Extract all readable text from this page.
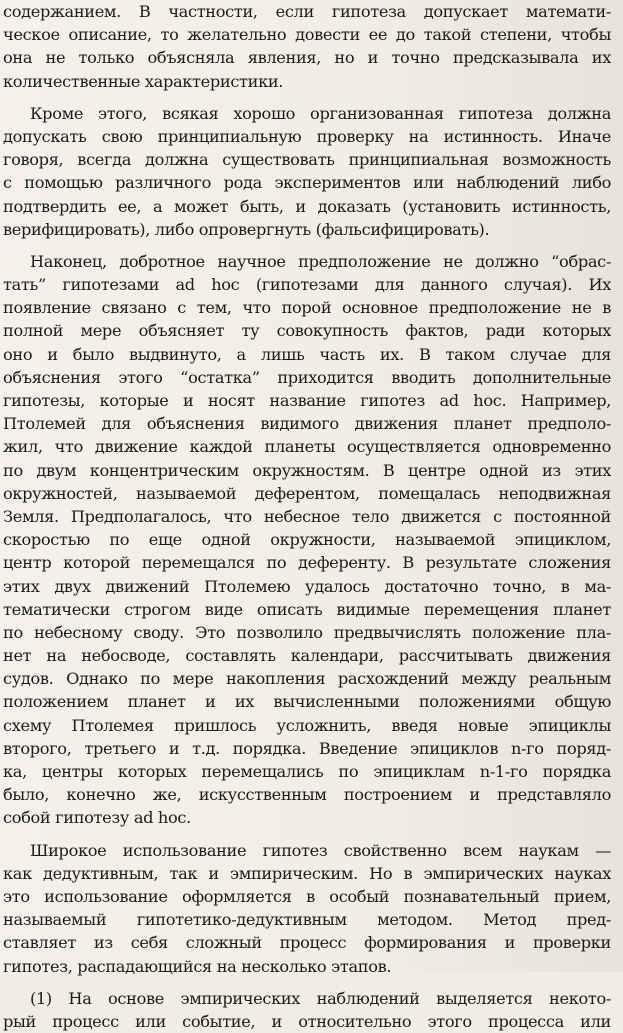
содержанием. В частности, если гипотеза допускает математи-
ческое описание, то желательно довести ее до такой степени, чтобы
она не только объясняла явления, но и точно предсказывала их
количественные характеристики.
Кроме этого, всякая хорошо организованная гипотеза должна
допускать свою принципиальную проверку на истинность. Иначе
говоря, всегда должна существовать принципиальная возможность
с помощью различного рода экспериментов или наблюдений либо
подтвердить ее, а может быть, и доказать (установить истинность,
верифицировать), либо опровергнуть (фальсифицировать).
Наконец, добротное научное предположение не должно “обрас-
тать” гипотезами ad hoc (гипотезами для данного случая). Их
появление связано с тем, что порой основное предположение не в
полной мере объясняет ту совокупность фактов, ради которых
оно и было выдвинуто, а лишь часть их. В таком случае для
объяснения этого “остатка” приходится вводить дополнительные
гипотезы, которые и носят название гипотез ad hoc. Например,
Птолемей для объяснения видимого движения планет предполо-
жил, что движение каждой планеты осуществляется одновременно
по двум концентрическим окружностям. В центре одной из этих
окружностей, называемой деферентом, помещалась неподвижная
Земля. Предполагалось, что небесное тело движется с постоянной
скоростью по еще одной окружности, называемой эпициклом,
центр которой перемещался по деференту. В результате сложения
этих двух движений Птолемею удалось достаточно точно, в ма-
тематически строгом виде описать видимые перемещения планет
по небесному своду. Это позволило предвычислять положение пла-
нет на небосводе, составлять календари, рассчитывать движения
судов. Однако по мере накопления расхождений между реальным
положением планет и их вычисленными положениями общую
схему Птолемея пришлось усложнить, введя новые эпициклы
второго, третьего и т.д. порядка. Введение эпициклов n-го поряд-
ка, центры которых перемещались по эпициклам n-1-го порядка
было, конечно же, искусственным построением и представляло
собой гипотезу ad hoc.
Широкое использование гипотез свойственно всем наукам —
как дедуктивным, так и эмпирическим. Но в эмпирических науках
это использование оформляется в особый познавательный прием,
называемый гипотетико-дедуктивным методом. Метод пред-
ставляет из себя сложный процесс формирования и проверки
гипотез, распадающийся на несколько этапов.
(1) На основе эмпирических наблюдений выделяется некото-
рый процесс или событие, и относительно этого процесса или
